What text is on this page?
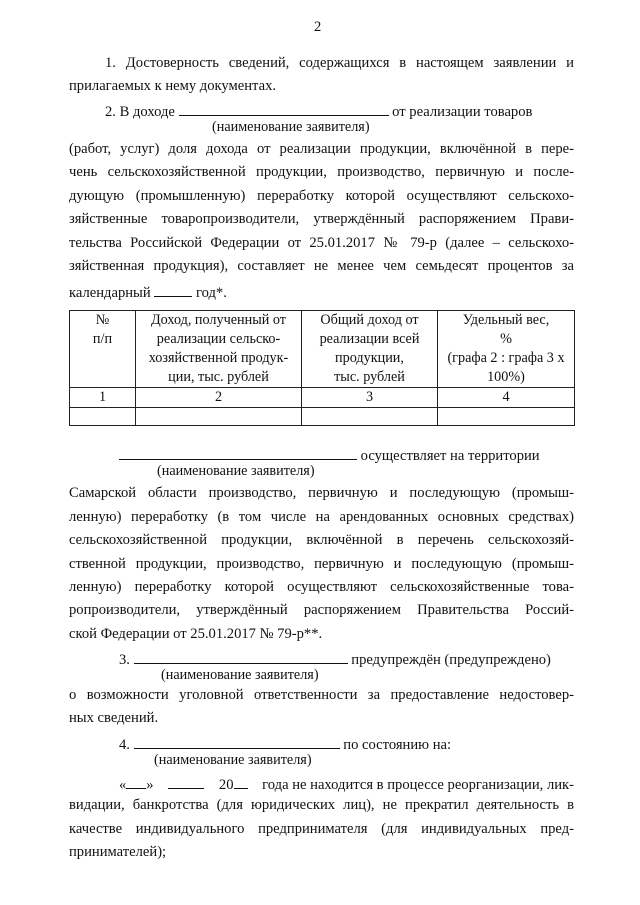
2
1. Достоверность сведений, содержащихся в настоящем заявлении и
прилагаемых к нему документах.
2. В доходе	от реализации товаров
(наименование заявителя)
(работ, услуг) доля дохода от реализации продукции, включённой в пере-
чень сельскохозяйственной продукции, производство, первичную и после-
дующую (промышленную) переработку которой осуществляют сельскохо-
зяйственные товаропроизводители, утверждённый распоряжением Прави-
тельства Российской Федерации от 25.01.2017 № 79-р (далее – сельскохо-
зяйственная продукция), составляет не менее чем семьдесят процентов за
календарный	год*.
№
п/п	Доход, полученный от
реализации сельско-
хозяйственной продук-
ции, тыс. рублей	Общий доход от
реализации всей
продукции,
тыс. рублей	Удельный вес,
%
(графа 2 : графа 3 х
100%)

1	2	3	4

осуществляет на территории
(наименование заявителя)
Самарской области производство, первичную и последующую (промыш-
ленную) переработку (в том числе на арендованных основных средствах)
сельскохозяйственной продукции, включённой в перечень сельскохозяй-
ственной продукции, производство, первичную и последующую (промыш-
ленную) переработку которой осуществляют сельскохозяйственные това-
ропроизводители, утверждённый распоряжением Правительства Россий-
ской Федерации от 25.01.2017 № 79-р**.
3.	предупреждён (предупреждено)
(наименование заявителя)
о возможности уголовной ответственности за предоставление недостовер-
ных сведений.
4.	по состоянию на:
(наименование заявителя)
« »	20	года не находится в процессе реорганизации, лик-
видации, банкротства (для юридических лиц), не прекратил деятельность в
качестве индивидуального предпринимателя (для индивидуальных пред-
принимателей);
